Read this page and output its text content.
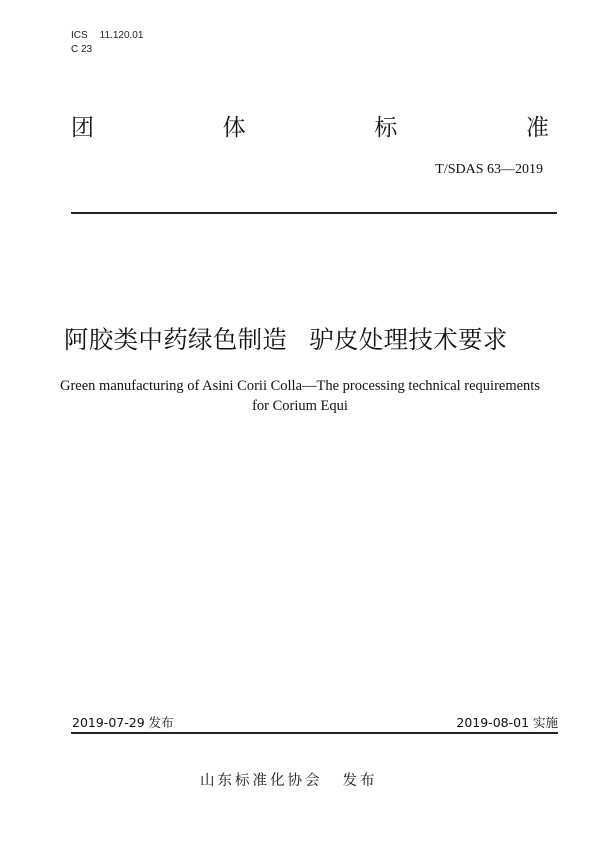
ICS 11.120.01
C 23
团	体	标	准
T/SDAS 63—2019
阿胶类中药绿色制造 驴皮处理技术要求
Green manufacturing of Asini Corii Colla—The processing technical requirements
for Corium Equi
2019-07-29 发布	2019-08-01 实施
山东标准化协会 发布
